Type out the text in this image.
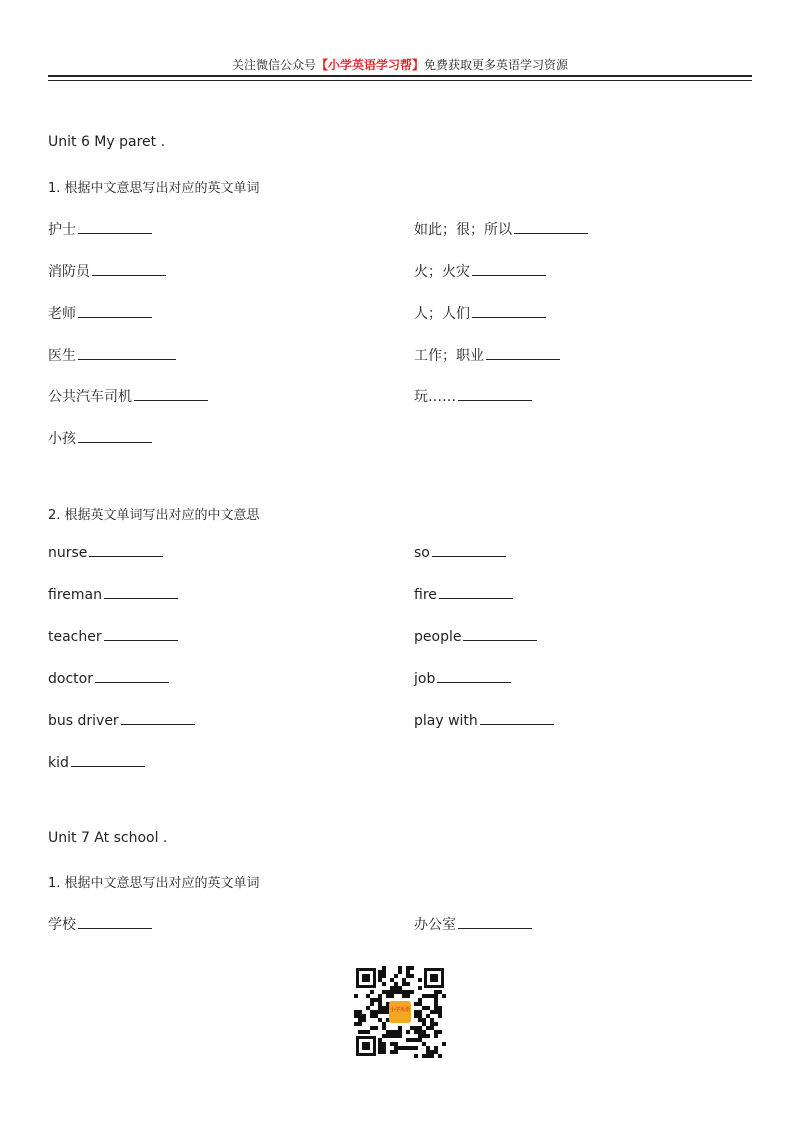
关注微信公众号【小学英语学习帮】免费获取更多英语学习资源
Unit 6 My paret .
1. 根据中文意思写出对应的英文单词
护士
消防员
老师
医生
公共汽车司机
小孩
如此；很；所以
火；火灾
人；人们
工作；职业
玩……
2. 根据英文单词写出对应的中文意思
nurse
fireman
teacher
doctor
bus driver
kid
so
fire
people
job
play with
Unit 7 At school .
1. 根据中文意思写出对应的英文单词
学校	办公室
小学英语
